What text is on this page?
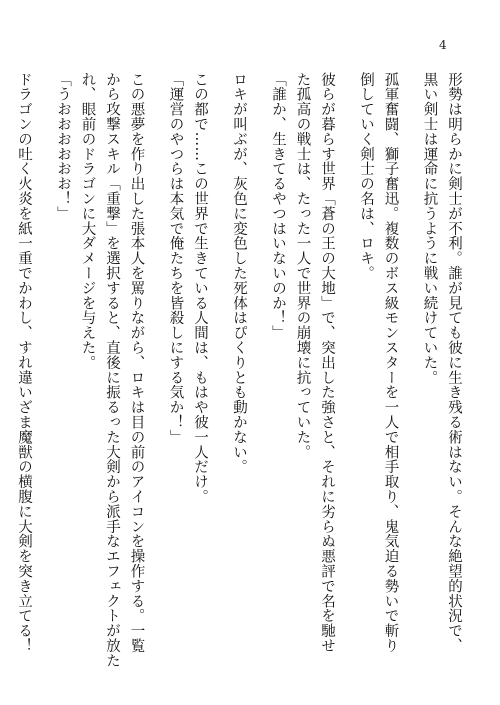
4
形勢は明らかに剣士が不利。誰が見ても彼に生き残る術はない。そんな絶望的状況で、
黒い剣士は運命に抗うように戦い続けていた。
孤軍奮闘、獅子奮迅。複数のボス級モンスターを一人で相手取り、鬼気迫る勢いで斬り
倒していく剣士の名は、ロキ。
彼らが暮らす世界「蒼の王の大地」で、突出した強さと、それに劣らぬ悪評で名を馳せ
た孤高の戦士は、たった一人で世界の崩壊に抗っていた。
「誰か、生きてるやつはいないのか！」
ロキが叫ぶが、灰色に変色した死体はぴくりとも動かない。
この都で……この世界で生きている人間は、もはや彼一人だけ。
「運営のやつらは本気で俺たちを皆殺しにする気か！」
この悪夢を作り出した張本人を罵りながら、ロキは目の前のアイコンを操作する。一覧
から攻撃スキル「重撃」を選択すると、直後に振るった大剣から派手なエフェクトが放た
れ、眼前のドラゴンに大ダメージを与えた。
「うおおおおおお！」
ドラゴンの吐く火炎を紙一重でかわし、すれ違いざま魔獣の横腹に大剣を突き立てる！
